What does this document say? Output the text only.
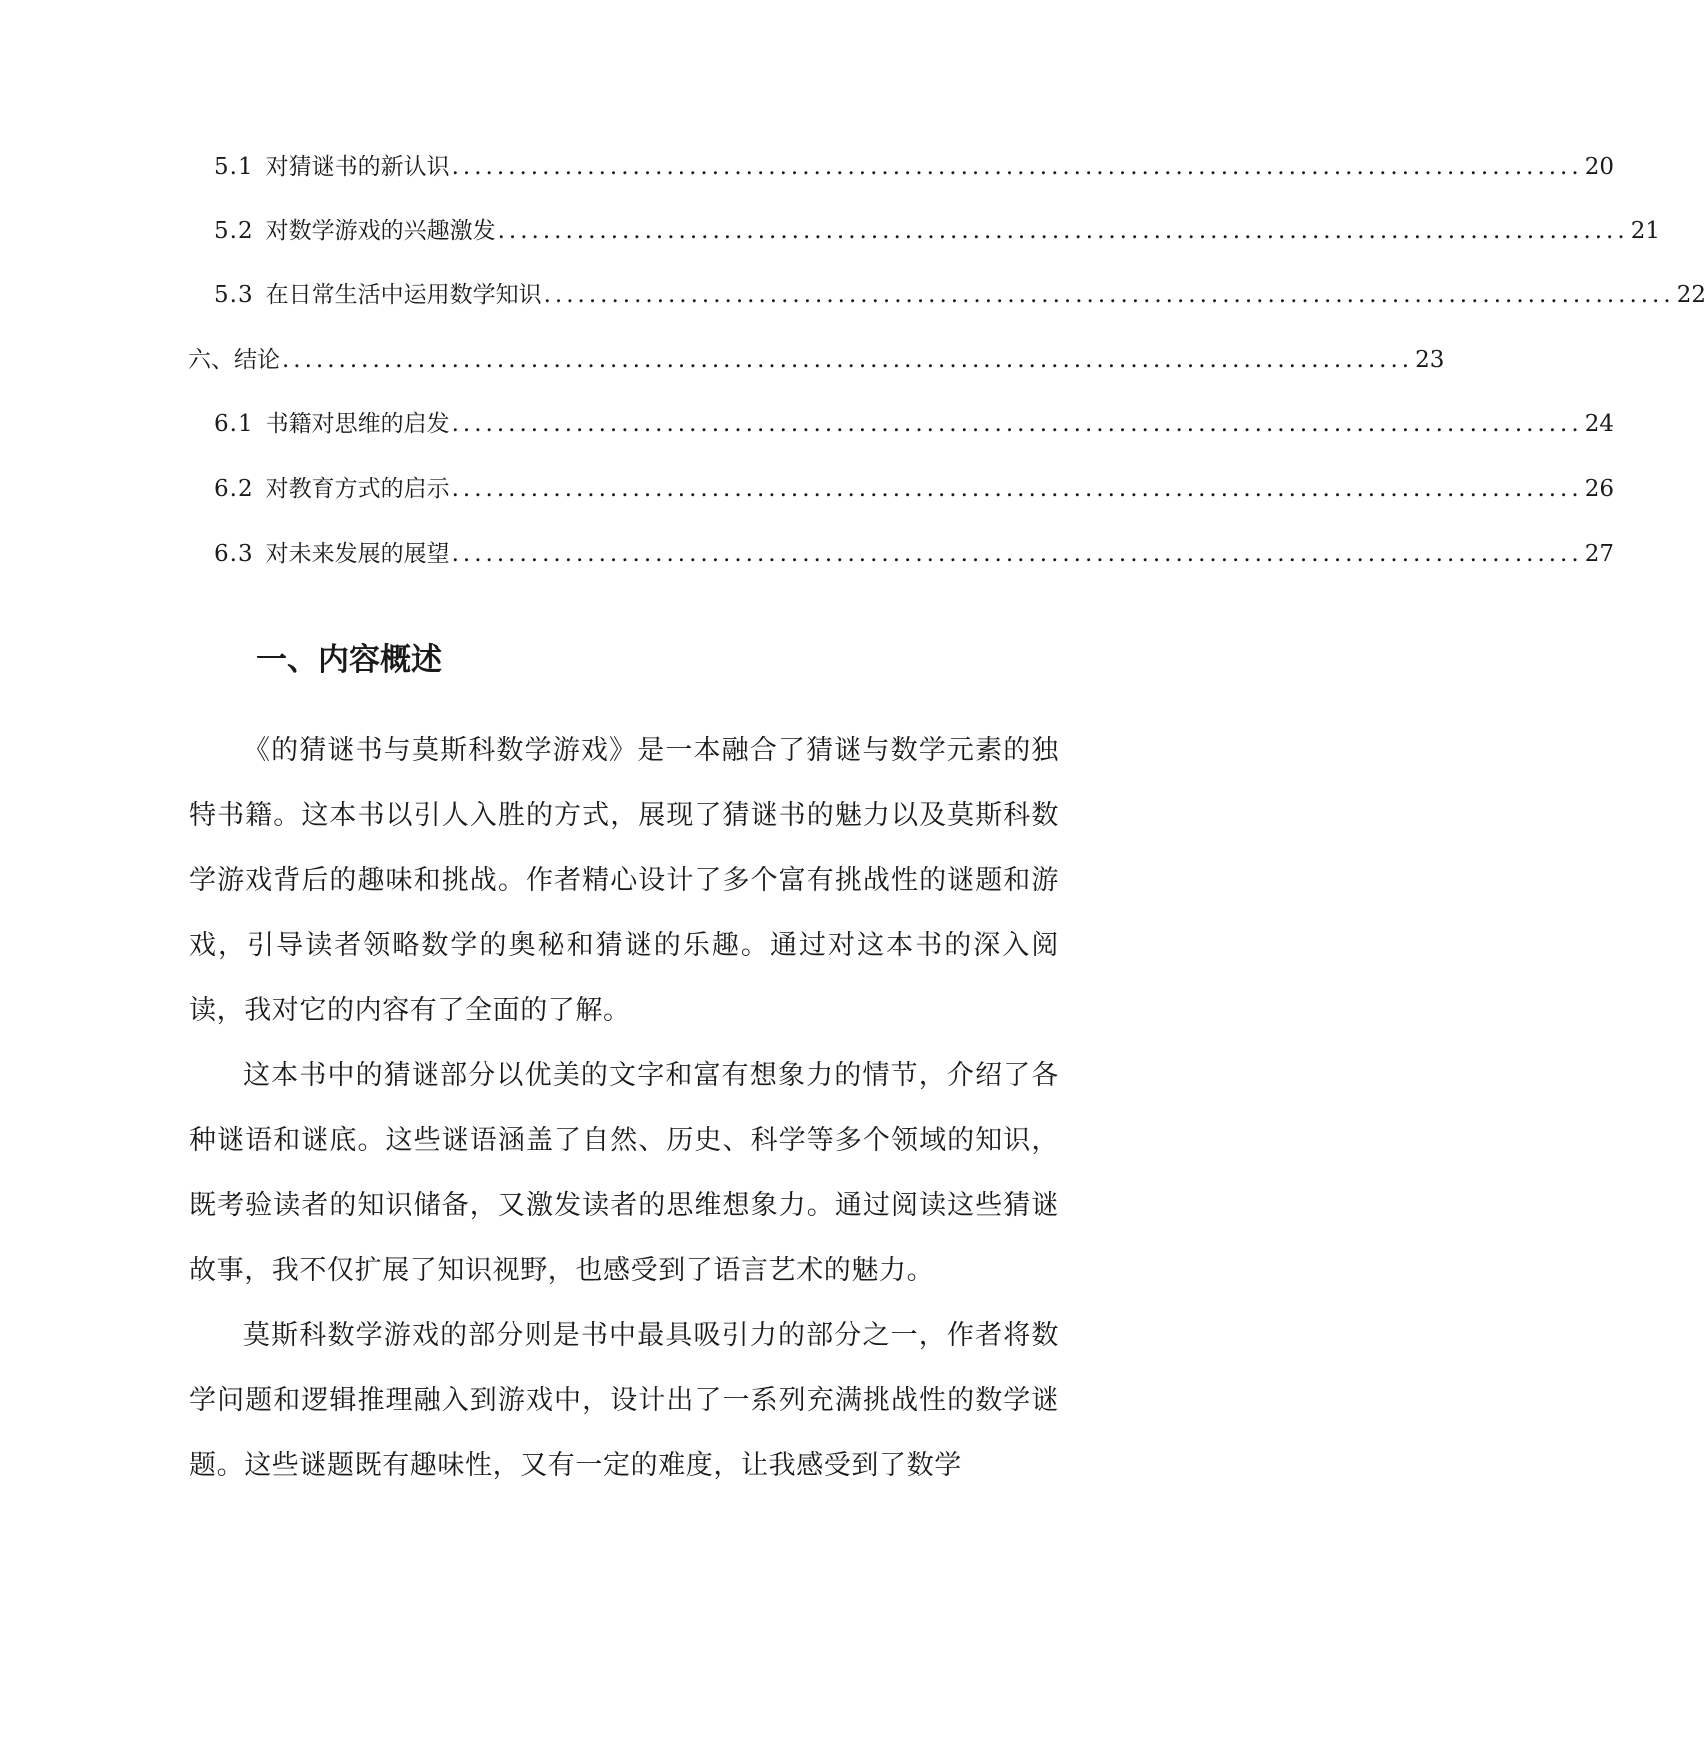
5.1 对猜谜书的新认识 .................................................................................................... 20
5.2 对数学游戏的兴趣激发 .................................................................................................... 21
5.3 在日常生活中运用数学知识 .................................................................................................... 22
六、结论 .................................................................................................... 23
6.1 书籍对思维的启发 .................................................................................................... 24
6.2 对教育方式的启示 .................................................................................................... 26
6.3 对未来发展的展望 .................................................................................................... 27
一、内容概述

《的猜谜书与莫斯科数学游戏》是一本融合了猜谜与数学元素的独特书籍。这本书以引人入胜的方式，展现了猜谜书的魅力以及莫斯科数学游戏背后的趣味和挑战。作者精心设计了多个富有挑战性的谜题和游戏，引导读者领略数学的奥秘和猜谜的乐趣。通过对这本书的深入阅读，我对它的内容有了全面的了解。

这本书中的猜谜部分以优美的文字和富有想象力的情节，介绍了各种谜语和谜底。这些谜语涵盖了自然、历史、科学等多个领域的知识，既考验读者的知识储备，又激发读者的思维想象力。通过阅读这些猜谜故事，我不仅扩展了知识视野，也感受到了语言艺术的魅力。

莫斯科数学游戏的部分则是书中最具吸引力的部分之一，作者将数学问题和逻辑推理融入到游戏中，设计出了一系列充满挑战性的数学谜题。这些谜题既有趣味性，又有一定的难度，让我感受到了数学
